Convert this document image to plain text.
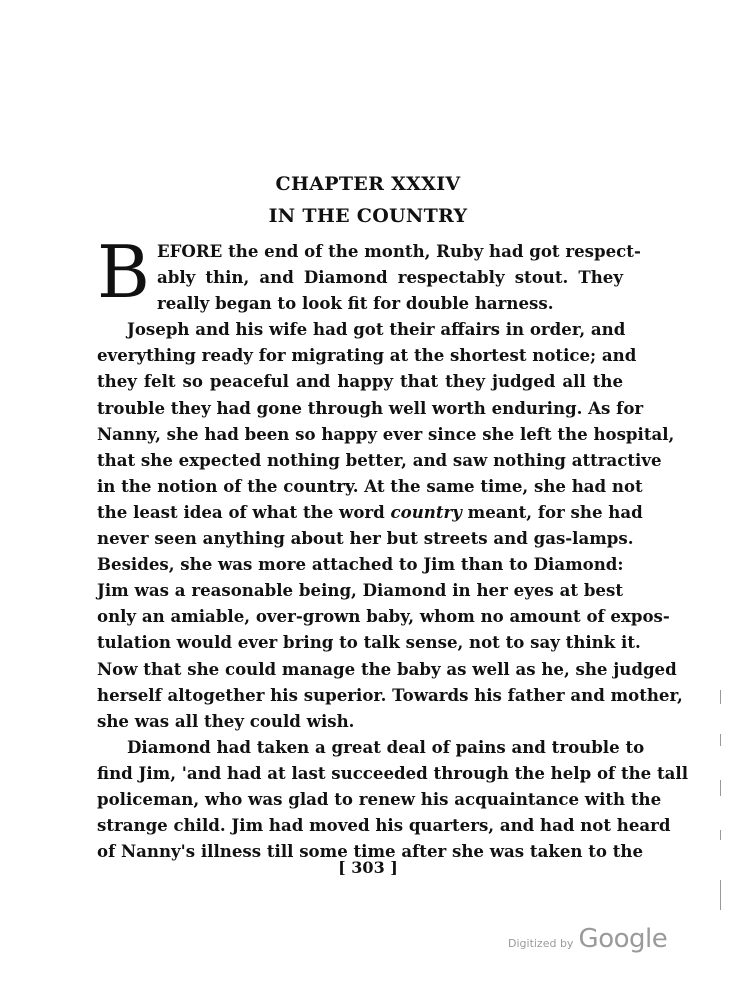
CHAPTER XXXIV
IN THE COUNTRY
B EFORE the end of the month, Ruby had got respect-
ably thin, and Diamond respectably stout. They
really began to look fit for double harness.
Joseph and his wife had got their affairs in order, and
everything ready for migrating at the shortest notice; and
they felt so peaceful and happy that they judged all the
trouble they had gone through well worth enduring. As for
Nanny, she had been so happy ever since she left the hospital,
that she expected nothing better, and saw nothing attractive
in the notion of the country. At the same time, she had not
the least idea of what the word country meant, for she had
never seen anything about her but streets and gas-lamps.
Besides, she was more attached to Jim than to Diamond:
Jim was a reasonable being, Diamond in her eyes at best
only an amiable, over-grown baby, whom no amount of expos-
tulation would ever bring to talk sense, not to say think it.
Now that she could manage the baby as well as he, she judged
herself altogether his superior. Towards his father and mother,
she was all they could wish.
Diamond had taken a great deal of pains and trouble to
find Jim, 'and had at last succeeded through the help of the tall
policeman, who was glad to renew his acquaintance with the
strange child. Jim had moved his quarters, and had not heard
of Nanny's illness till some time after she was taken to the
[ 303 ]
Digitized by Google
